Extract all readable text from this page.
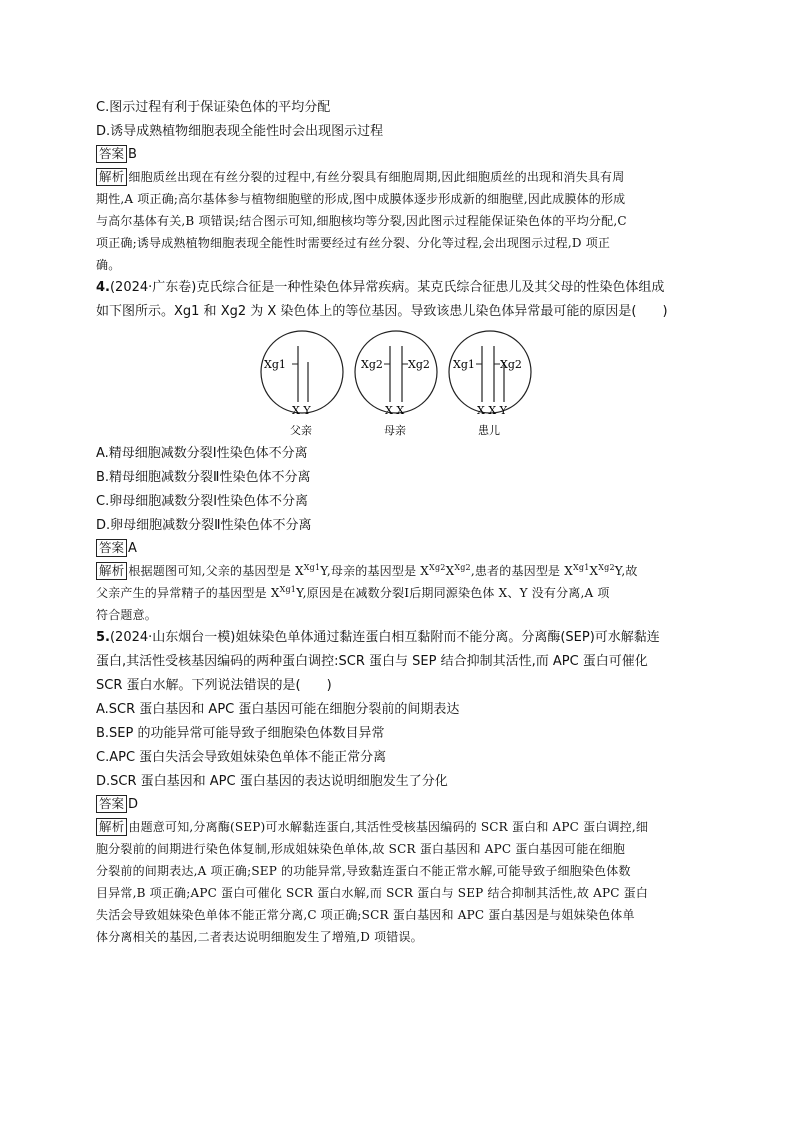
C.图示过程有利于保证染色体的平均分配
D.诱导成熟植物细胞表现全能性时会出现图示过程
答案 B
解析 细胞质丝出现在有丝分裂的过程中,有丝分裂具有细胞周期,因此细胞质丝的出现和消失具有周
期性,A 项正确;高尔基体参与植物细胞壁的形成,图中成膜体逐步形成新的细胞壁,因此成膜体的形成
与高尔基体有关,B 项错误;结合图示可知,细胞核均等分裂,因此图示过程能保证染色体的平均分配,C
项正确;诱导成熟植物细胞表现全能性时需要经过有丝分裂、分化等过程,会出现图示过程,D 项正
确。
4.(2024·广东卷)克氏综合征是一种性染色体异常疾病。某克氏综合征患儿及其父母的性染色体组成
如下图所示。Xg1 和 Xg2 为 X 染色体上的等位基因。导致该患儿染色体异常最可能的原因是(　　)
Xg1
X Y
父亲
Xg2 Xg2
X X
母亲
Xg1 Xg2
X X Y
患儿
A.精母细胞减数分裂Ⅰ性染色体不分离
B.精母细胞减数分裂Ⅱ性染色体不分离
C.卵母细胞减数分裂Ⅰ性染色体不分离
D.卵母细胞减数分裂Ⅱ性染色体不分离
答案 A
解析 根据题图可知,父亲的基因型是 $X^{Xg1}Y$,母亲的基因型是 $X^{Xg2}X^{Xg2}$,患者的基因型是 $X^{Xg1}X^{Xg2}Y$,故
父亲产生的异常精子的基因型是 $X^{Xg1}Y$,原因是在减数分裂Ⅰ后期同源染色体 X、Y 没有分离,A 项
符合题意。
5.(2024·山东烟台一模)姐妹染色单体通过黏连蛋白相互黏附而不能分离。分离酶(SEP)可水解黏连
蛋白,其活性受核基因编码的两种蛋白调控:SCR 蛋白与 SEP 结合抑制其活性,而 APC 蛋白可催化
SCR 蛋白水解。下列说法错误的是(　　)
A.SCR 蛋白基因和 APC 蛋白基因可能在细胞分裂前的间期表达
B.SEP 的功能异常可能导致子细胞染色体数目异常
C.APC 蛋白失活会导致姐妹染色单体不能正常分离
D.SCR 蛋白基因和 APC 蛋白基因的表达说明细胞发生了分化
答案 D
解析 由题意可知,分离酶(SEP)可水解黏连蛋白,其活性受核基因编码的 SCR 蛋白和 APC 蛋白调控,细
胞分裂前的间期进行染色体复制,形成姐妹染色单体,故 SCR 蛋白基因和 APC 蛋白基因可能在细胞
分裂前的间期表达,A 项正确;SEP 的功能异常,导致黏连蛋白不能正常水解,可能导致子细胞染色体数
目异常,B 项正确;APC 蛋白可催化 SCR 蛋白水解,而 SCR 蛋白与 SEP 结合抑制其活性,故 APC 蛋白
失活会导致姐妹染色单体不能正常分离,C 项正确;SCR 蛋白基因和 APC 蛋白基因是与姐妹染色体单
体分离相关的基因,二者表达说明细胞发生了增殖,D 项错误。
